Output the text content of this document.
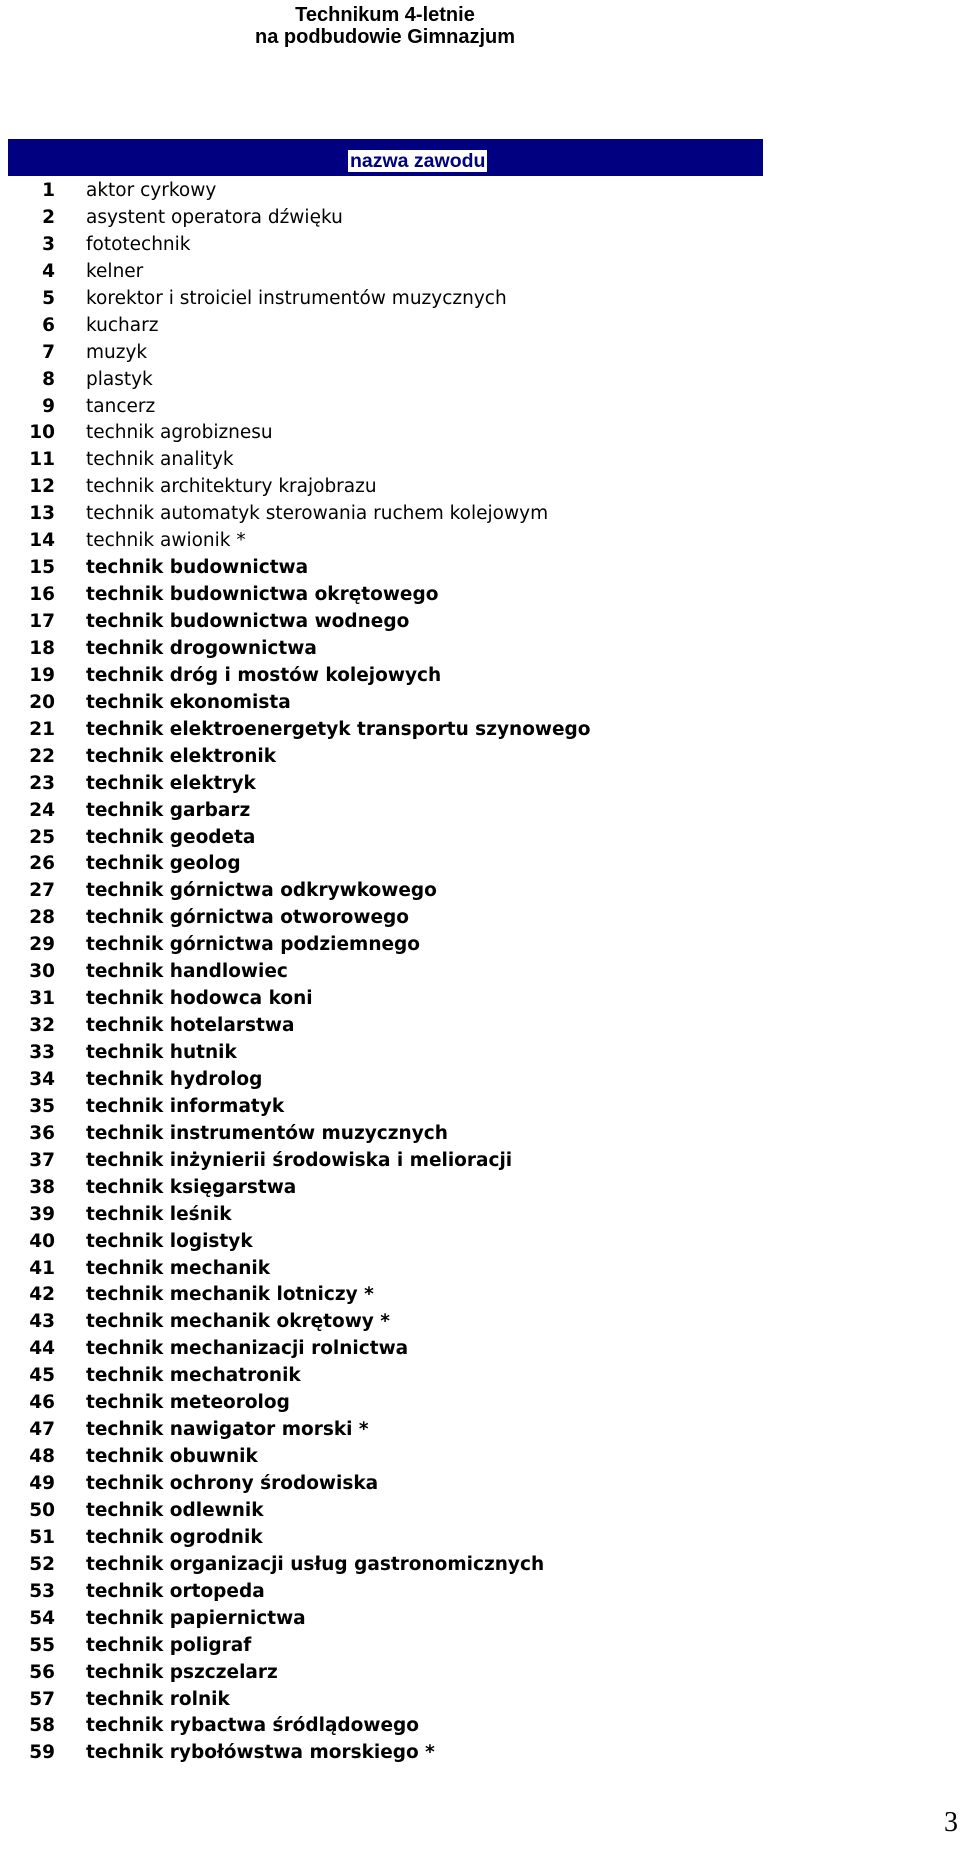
Technikum 4-letnie
na podbudowie Gimnazjum
nazwa zawodu
1 aktor cyrkowy
2 asystent operatora dźwięku
3 fototechnik
4 kelner
5 korektor i stroiciel instrumentów muzycznych
6 kucharz
7 muzyk
8 plastyk
9 tancerz
10 technik agrobiznesu
11 technik analityk
12 technik architektury krajobrazu
13 technik automatyk sterowania ruchem kolejowym
14 technik awionik *
15 technik budownictwa
16 technik budownictwa okrętowego
17 technik budownictwa wodnego
18 technik drogownictwa
19 technik dróg i mostów kolejowych
20 technik ekonomista
21 technik elektroenergetyk transportu szynowego
22 technik elektronik
23 technik elektryk
24 technik garbarz
25 technik geodeta
26 technik geolog
27 technik górnictwa odkrywkowego
28 technik górnictwa otworowego
29 technik górnictwa podziemnego
30 technik handlowiec
31 technik hodowca koni
32 technik hotelarstwa
33 technik hutnik
34 technik hydrolog
35 technik informatyk
36 technik instrumentów muzycznych
37 technik inżynierii środowiska i melioracji
38 technik księgarstwa
39 technik leśnik
40 technik logistyk
41 technik mechanik
42 technik mechanik lotniczy *
43 technik mechanik okrętowy *
44 technik mechanizacji rolnictwa
45 technik mechatronik
46 technik meteorolog
47 technik nawigator morski *
48 technik obuwnik
49 technik ochrony środowiska
50 technik odlewnik
51 technik ogrodnik
52 technik organizacji usług gastronomicznych
53 technik ortopeda
54 technik papiernictwa
55 technik poligraf
56 technik pszczelarz
57 technik rolnik
58 technik rybactwa śródlądowego
59 technik rybołówstwa morskiego *
3
